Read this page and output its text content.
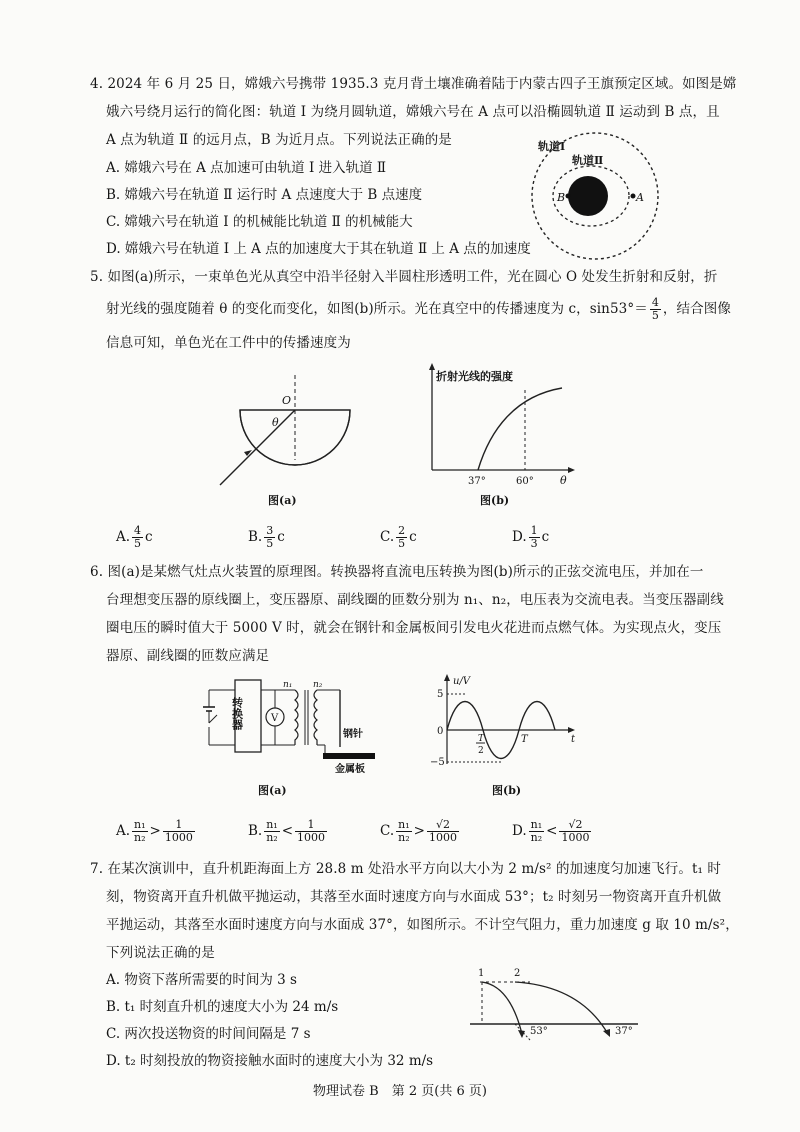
4. 2024 年 6 月 25 日，嫦娥六号携带 1935.3 克月背土壤准确着陆于内蒙古四子王旗预定区域。如图是嫦
娥六号绕月运行的简化图：轨道 Ⅰ 为绕月圆轨道，嫦娥六号在 A 点可以沿椭圆轨道 Ⅱ 运动到 B 点，且
A 点为轨道 Ⅱ 的远月点，B 为近月点。下列说法正确的是
A. 嫦娥六号在 A 点加速可由轨道 Ⅰ 进入轨道 Ⅱ
B. 嫦娥六号在轨道 Ⅱ 运行时 A 点速度大于 B 点速度
C. 嫦娥六号在轨道 Ⅰ 的机械能比轨道 Ⅱ 的机械能大
D. 嫦娥六号在轨道 Ⅰ 上 A 点的加速度大于其在轨道 Ⅱ 上 A 点的加速度
轨道Ⅰ
轨道Ⅱ
A
B
5. 如图(a)所示，一束单色光从真空中沿半径射入半圆柱形透明工件，光在圆心 O 处发生折射和反射，折
射光线的强度随着 θ 的变化而变化，如图(b)所示。光在真空中的传播速度为 c，$\sin 53^\circ= \frac{4}{5}$ ，结合图像
信息可知，单色光在工件中的传播速度为
O
θ
图(a)
折射光线的强度
37°	60° θ
图(b)
A. $\frac{4}{5}$ c	B. $\frac{3}{5}$ c	C. $\frac{2}{5}$ c	D. $\frac{1}{3}$ c
6. 图(a)是某燃气灶点火装置的原理图。转换器将直流电压转换为图(b)所示的正弦交流电压，并加在一
台理想变压器的原线圈上，变压器原、副线圈的匝数分别为 n₁、n₂，电压表为交流电表。当变压器副线
圈电压的瞬时值大于 5000 V 时，就会在钢针和金属板间引发电火花进而点燃气体。为实现点火，变压
器原、副线圈的匝数应满足
V
转换器
n₁ n₂
钢针
金属板
图(a)
u/V
5
−5
0
T
2
T	t
图(b)
A. $\frac{\text{n₁}}{\text{n₂}} > \frac{1}{1000}$	B. $\frac{\text{n₁}}{\text{n₂}} < \frac{1}{1000}$	C. $\frac{\text{n₁}}{\text{n₂}} > \frac{√2}{1000}$	D. $\frac{\text{n₁}}{\text{n₂}} < \frac{√2}{1000}$
7. 在某次演训中，直升机距海面上方 28.8 m 处沿水平方向以大小为 2 m/s² 的加速度匀加速飞行。t₁ 时
刻，物资离开直升机做平抛运动，其落至水面时速度方向与水面成 53°；t₂ 时刻另一物资离开直升机做
平抛运动，其落至水面时速度方向与水面成 37°，如图所示。不计空气阻力，重力加速度 g 取 10 m/s²，
下列说法正确的是
A. 物资下落所需要的时间为 3 s
B. t₁ 时刻直升机的速度大小为 24 m/s
C. 两次投送物资的时间间隔是 7 s
D. t₂ 时刻投放的物资接触水面时的速度大小为 32 m/s
1	2
53°	37°
物理试卷 B　第 2 页(共 6 页)
